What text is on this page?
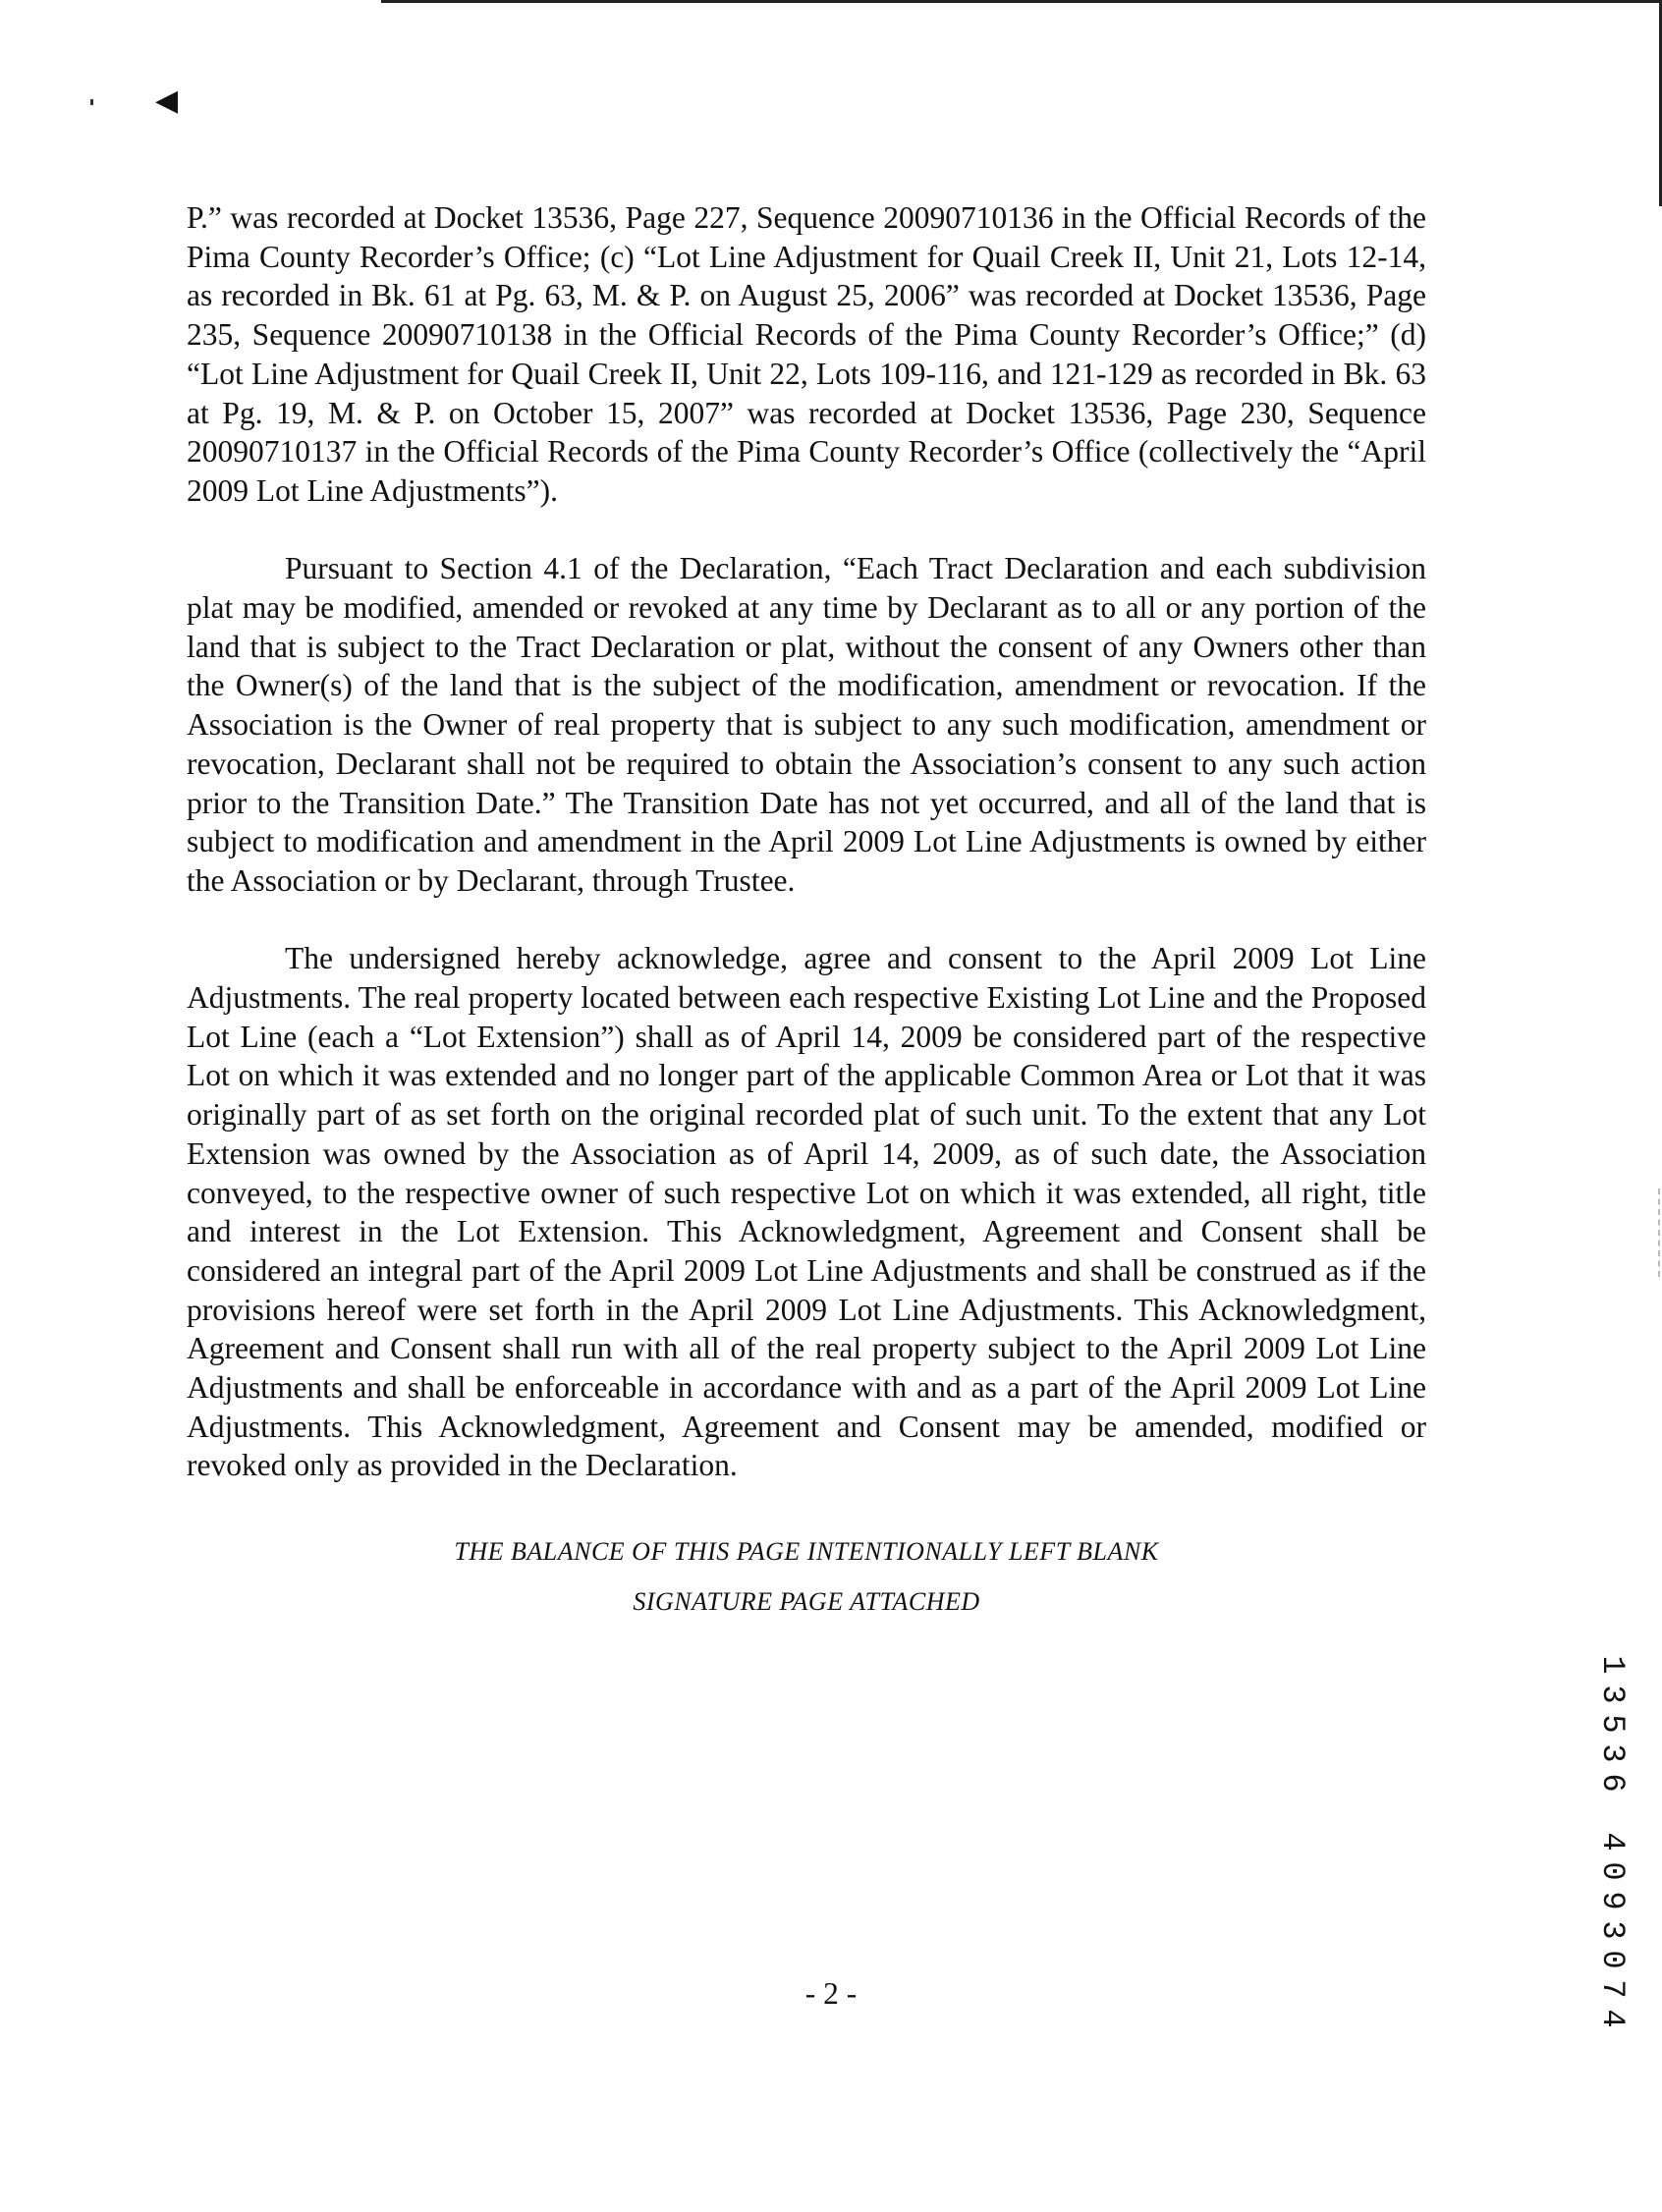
◀

P.” was recorded at Docket 13536, Page 227, Sequence 20090710136 in the Official Records of the Pima County Recorder’s Office; (c) “Lot Line Adjustment for Quail Creek II, Unit 21, Lots 12-14, as recorded in Bk. 61 at Pg. 63, M. & P. on August 25, 2006” was recorded at Docket 13536, Page 235, Sequence 20090710138 in the Official Records of the Pima County Recorder’s Office;” (d) “Lot Line Adjustment for Quail Creek II, Unit 22, Lots 109-116, and 121-129 as recorded in Bk. 63 at Pg. 19, M. & P. on October 15, 2007” was recorded at Docket 13536, Page 230, Sequence 20090710137 in the Official Records of the Pima County Recorder’s Office (collectively the “April 2009 Lot Line Adjustments”).

Pursuant to Section 4.1 of the Declaration, “Each Tract Declaration and each subdivision plat may be modified, amended or revoked at any time by Declarant as to all or any portion of the land that is subject to the Tract Declaration or plat, without the consent of any Owners other than the Owner(s) of the land that is the subject of the modification, amendment or revocation. If the Association is the Owner of real property that is subject to any such modification, amendment or revocation, Declarant shall not be required to obtain the Association’s consent to any such action prior to the Transition Date.” The Transition Date has not yet occurred, and all of the land that is subject to modification and amendment in the April 2009 Lot Line Adjustments is owned by either the Association or by Declarant, through Trustee.

The undersigned hereby acknowledge, agree and consent to the April 2009 Lot Line Adjustments. The real property located between each respective Existing Lot Line and the Proposed Lot Line (each a “Lot Extension”) shall as of April 14, 2009 be considered part of the respective Lot on which it was extended and no longer part of the applicable Common Area or Lot that it was originally part of as set forth on the original recorded plat of such unit. To the extent that any Lot Extension was owned by the Association as of April 14, 2009, as of such date, the Association conveyed, to the respective owner of such respective Lot on which it was extended, all right, title and interest in the Lot Extension. This Acknowledgment, Agreement and Consent shall be considered an integral part of the April 2009 Lot Line Adjustments and shall be construed as if the provisions hereof were set forth in the April 2009 Lot Line Adjustments. This Acknowledgment, Agreement and Consent shall run with all of the real property subject to the April 2009 Lot Line Adjustments and shall be enforceable in accordance with and as a part of the April 2009 Lot Line Adjustments. This Acknowledgment, Agreement and Consent may be amended, modified or revoked only as provided in the Declaration.

THE BALANCE OF THIS PAGE INTENTIONALLY LEFT BLANK
SIGNATURE PAGE ATTACHED
1
3
5
3
6

4
0
9
3
0
7
4
- 2 -
